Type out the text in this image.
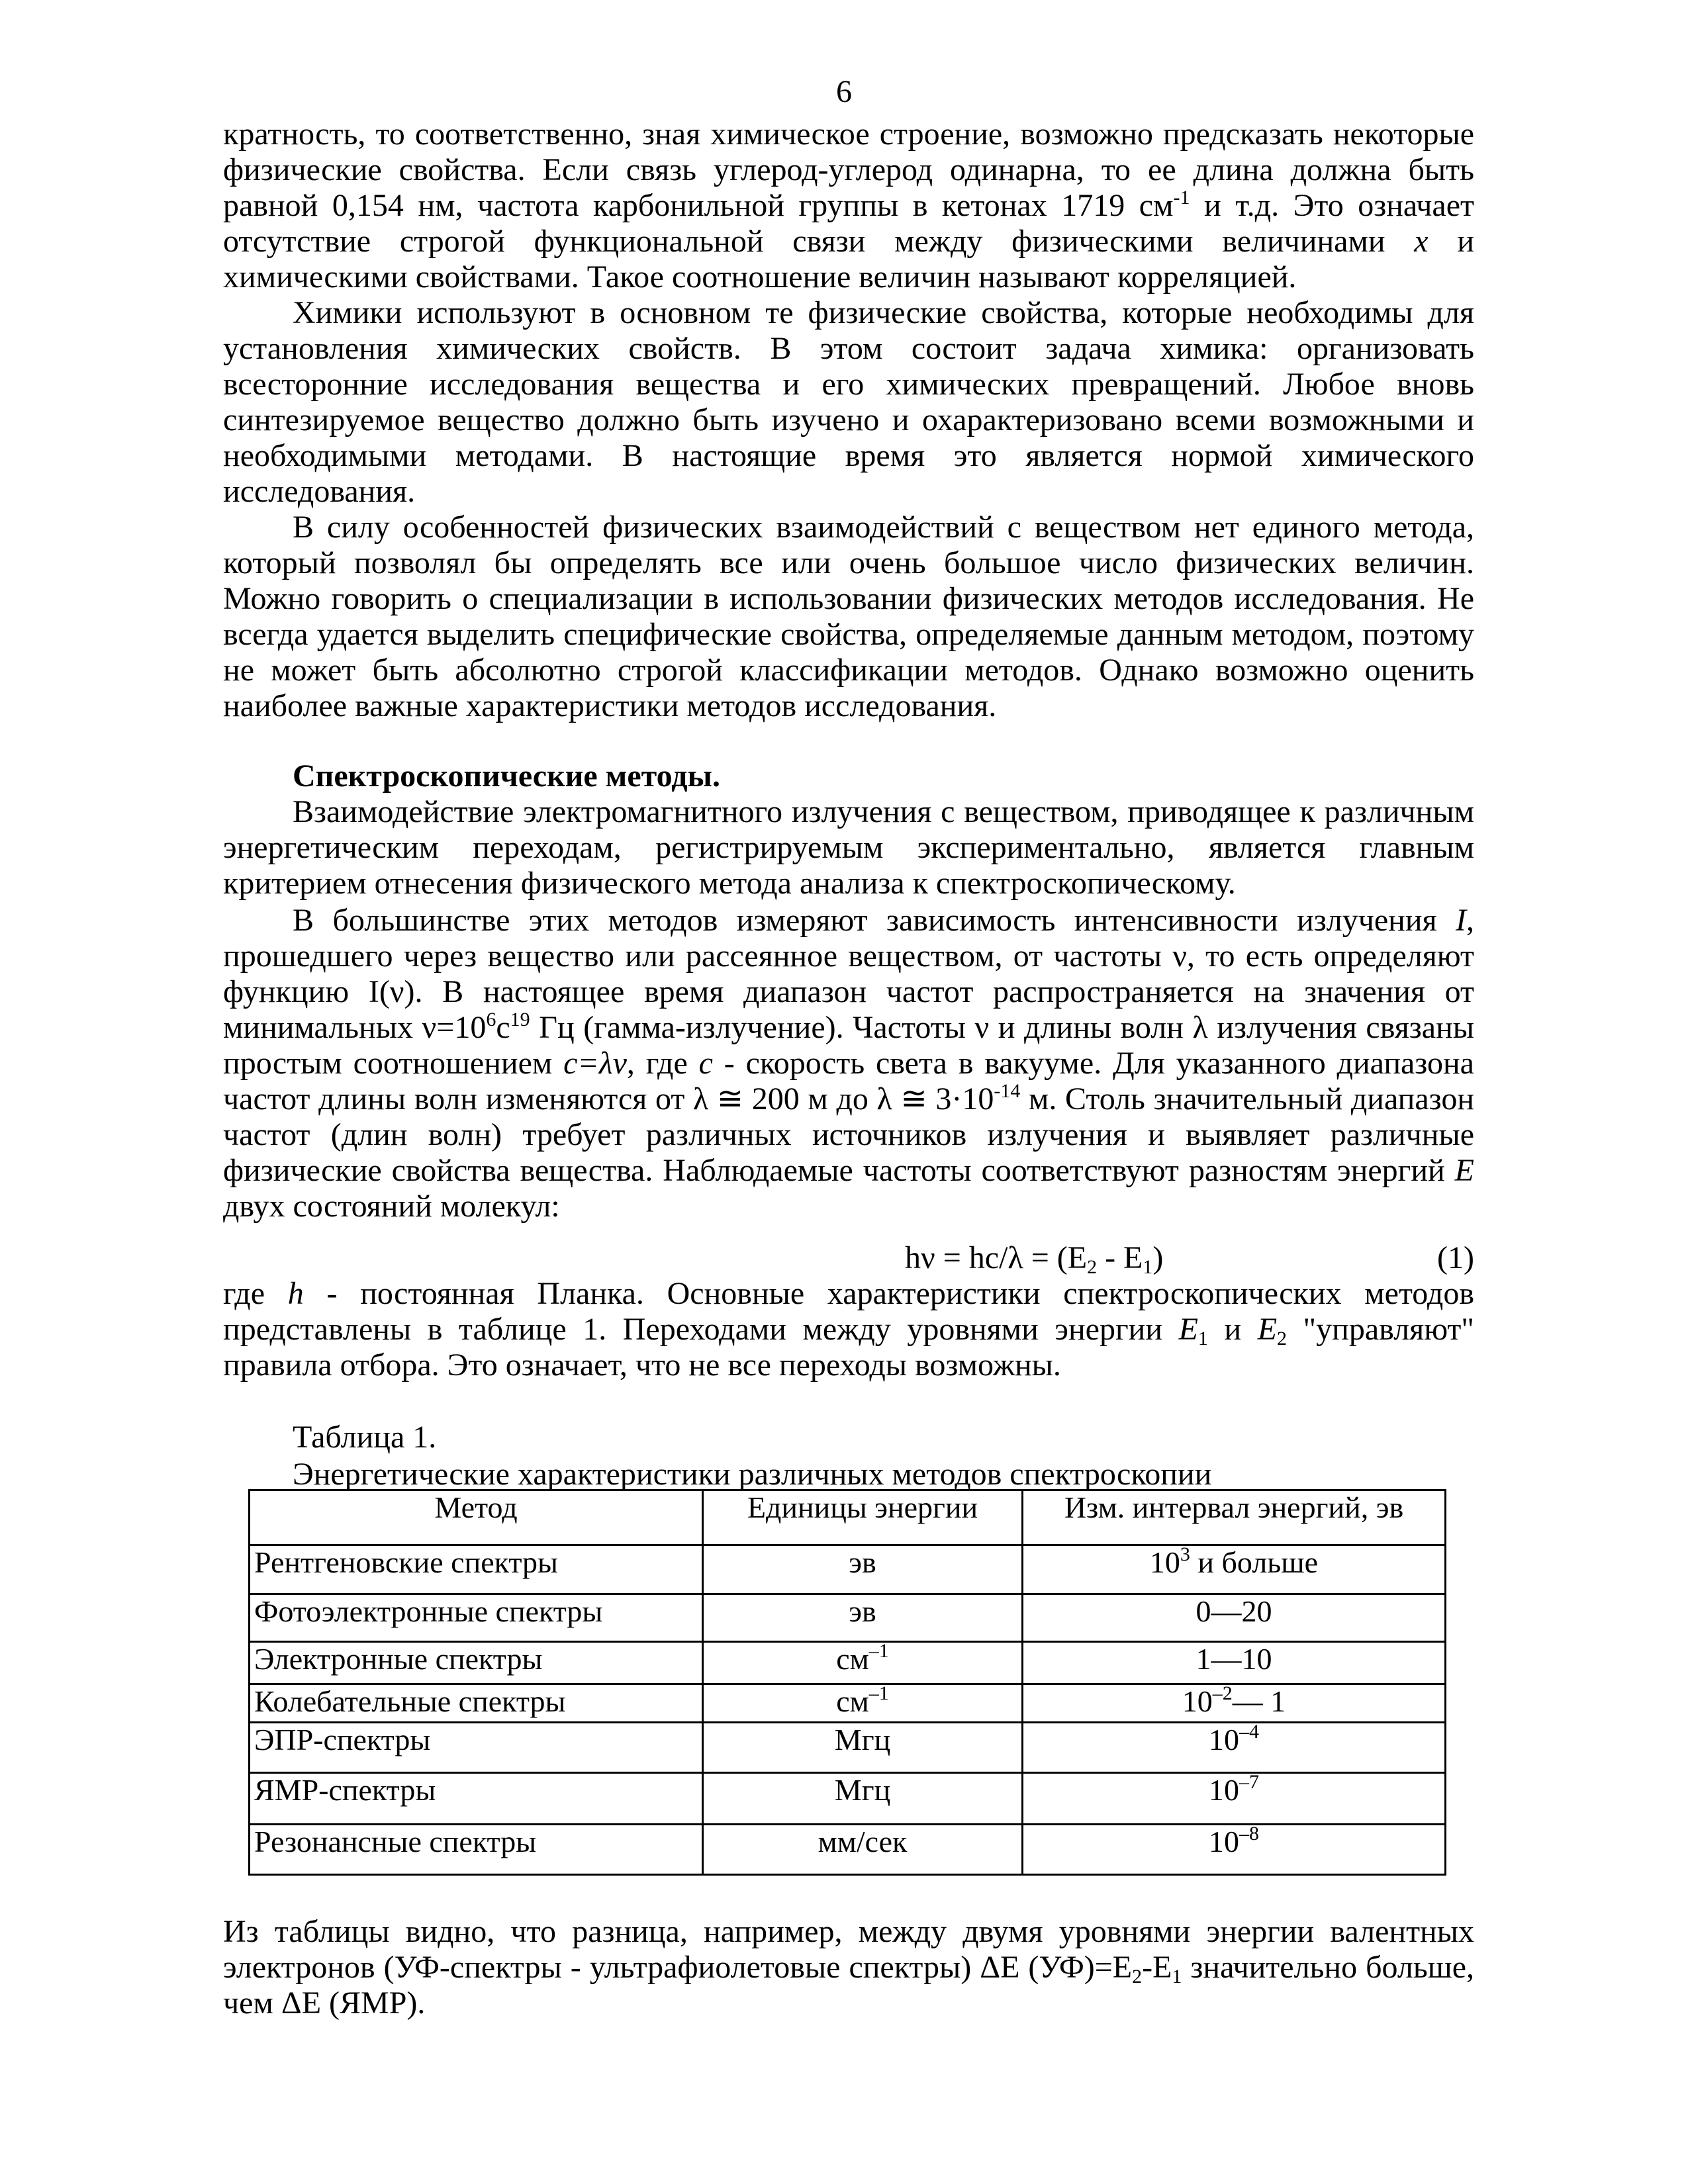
6
кратность, то соответственно, зная химическое строение, возможно предсказать некоторые физические свойства. Если связь углерод-углерод одинарна, то ее длина должна быть равной 0,154 нм, частота карбонильной группы в кетонах 1719 $см^{-1}$ и т.д. Это означает отсутствие строгой функциональной связи между физическими величинами x и химическими свойствами. Такое соотношение величин называют корреляцией.
Химики используют в основном те физические свойства, которые необходимы для установления химических свойств. В этом состоит задача химика: организовать всесторонние исследования вещества и его химических превращений. Любое вновь синтезируемое вещество должно быть изучено и охарактеризовано всеми возможными и необходимыми методами. В настоящие время это является нормой химического исследования.
В силу особенностей физических взаимодействий с веществом нет единого метода, который позволял бы определять все или очень большое число физических величин. Можно говорить о специализации в использовании физических методов исследования. Не всегда удается выделить специфические свойства, определяемые данным методом, поэтому не может быть абсолютно строгой классификации методов. Однако возможно оценить наиболее важные характеристики методов исследования.
Спектроскопические методы.
Взаимодействие электромагнитного излучения с веществом, приводящее к различным энергетическим переходам, регистрируемым экспериментально, является главным критерием отнесения физического метода анализа к спектроскопическому.
В большинстве этих методов измеряют зависимость интенсивности излучения I, прошедшего через вещество или рассеянное веществом, от частоты ν, то есть определяют функцию I(ν). В настоящее время диапазон частот распространяется на значения от минимальных $\nu=10^6c^{19}$ Гц (гамма-излучение). Частоты ν и длины волн λ излучения связаны простым соотношением c=λν, где c - скорость света в вакууме. Для указанного диапазона частот длины волн изменяются от λ ≅ 200 м до λ ≅ $3\cdot 10^{-14}$ м. Столь значительный диапазон частот (длин волн) требует различных источников излучения и выявляет различные физические свойства вещества. Наблюдаемые частоты соответствуют разностям энергий E двух состояний молекул:
$h\nu = hc/\lambda = (E_2 - E_1)$	(1)
где h - постоянная Планка. Основные характеристики спектроскопических методов представлены в таблице 1. Переходами между уровнями энергии $E_1$ и $E_2$ "управляют" правила отбора. Это означает, что не все переходы возможны.
Таблица 1.
Энергетические характеристики различных методов спектроскопии
Метод	Единицы энергии	Изм. интервал энергий, эв
Рентгеновские спектры	эв	$10^3$ и больше
Фотоэлектронные спектры	эв	0—20
Электронные спектры	$см^{-1}$	1—10
Колебательные спектры	$см^{-1}$	$10^{-2}—$ 1
ЭПР-спектры	Мгц	$10^{-4}$
ЯМР-спектры	Мгц	$10^{-7}$
Резонансные спектры	мм/сек	$10^{-8}$
Из таблицы видно, что разница, например, между двумя уровнями энергии валентных электронов (УФ-спектры - ультрафиолетовые спектры) ΔE $(УФ)=E_2-E_1$ значительно больше, чем ΔE (ЯМР).
